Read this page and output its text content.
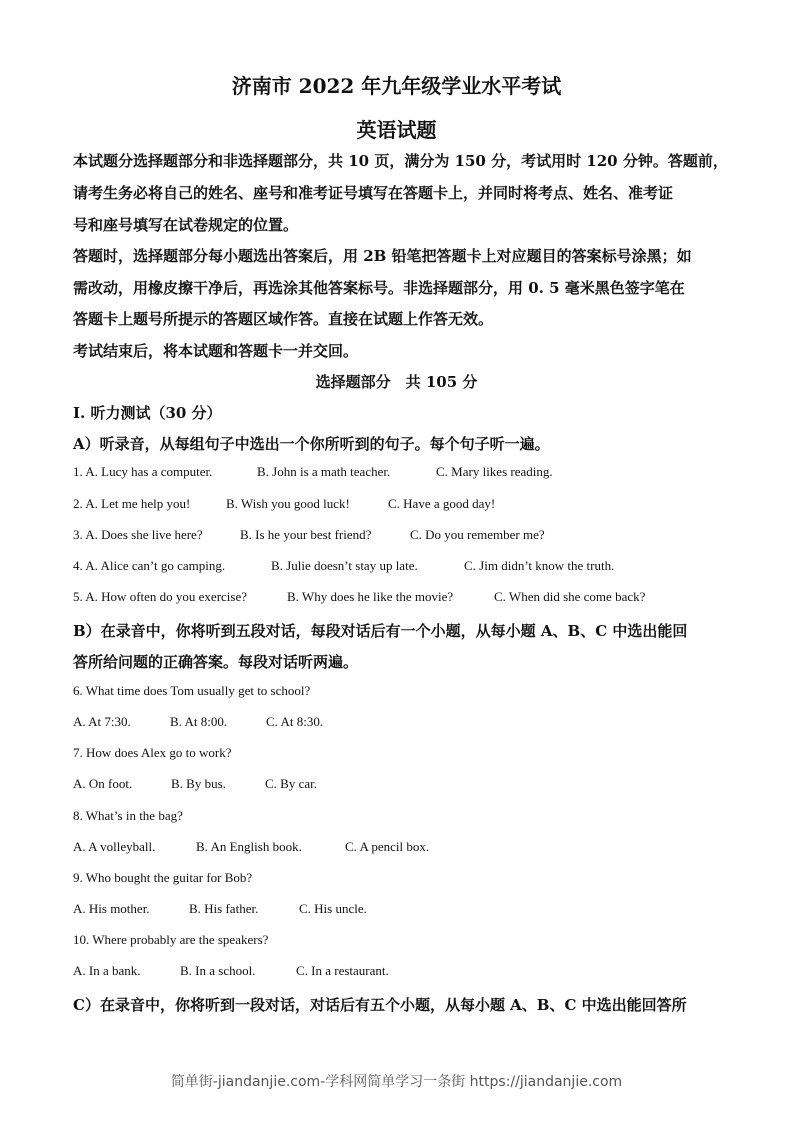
济南市 2022 年九年级学业水平考试
英语试题
本试题分选择题部分和非选择题部分，共 10 页，满分为 150 分，考试用时 120 分钟。答题前，
请考生务必将自己的姓名、座号和准考证号填写在答题卡上，并同时将考点、姓名、准考证
号和座号填写在试卷规定的位置。
答题时，选择题部分每小题选出答案后，用 2B 铅笔把答题卡上对应题目的答案标号涂黑；如
需改动，用橡皮擦干净后，再选涂其他答案标号。非选择题部分，用 0. 5 毫米黑色签字笔在
答题卡上题号所提示的答题区域作答。直接在试题上作答无效。
考试结束后，将本试题和答题卡一并交回。
选择题部分　共 105 分
Ⅰ. 听力测试（30 分）
A）听录音，从每组句子中选出一个你所听到的句子。每个句子听一遍。
1. A. Lucy has a computer.	B. John is a math teacher.	C. Mary likes reading.
2. A. Let me help you!	B. Wish you good luck!	C. Have a good day!
3. A. Does she live here?	B. Is he your best friend?	C. Do you remember me?
4. A. Alice can’t go camping.	B. Julie doesn’t stay up late.	C. Jim didn’t know the truth.
5. A. How often do you exercise?	B. Why does he like the movie?	C. When did she come back?
B）在录音中，你将听到五段对话，每段对话后有一个小题，从每小题 A、B、C 中选出能回
答所给问题的正确答案。每段对话听两遍。
6. What time does Tom usually get to school?
A. At 7:30.	B. At 8:00.	C. At 8:30.
7. How does Alex go to work?
A. On foot.	B. By bus.	C. By car.
8. What’s in the bag?
A. A volleyball.	B. An English book.	C. A pencil box.
9. Who bought the guitar for Bob?
A. His mother.	B. His father.	C. His uncle.
10. Where probably are the speakers?
A. In a bank.	B. In a school.	C. In a restaurant.
C）在录音中，你将听到一段对话，对话后有五个小题，从每小题 A、B、C 中选出能回答所
简单街-jiandanjie.com-学科网简单学习一条街 https://jiandanjie.com
